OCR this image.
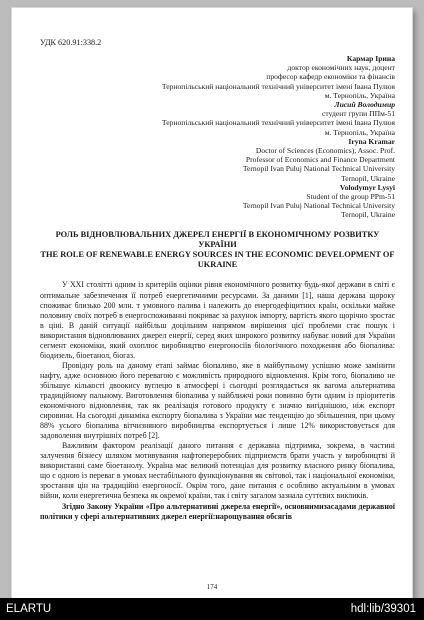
УДК 620.91:338.2
Кармар Ірина
доктор економічних наук, доцент
професор кафедр економіки та фінансів
Тернопільський національний технічний університет імені Івана Пулюя
м. Тернопіль, Україна
Лисий Володимир
студент групи ППм-51
Тернопільський національний технічний університет імені Івана Пулюя
м. Тернопіль, Україна
Iryna Kramar
Doctor of Sciences (Economics), Assoc. Prof.
Professor of Economics and Finance Department
Ternopil Ivan Puluj National Technical University
Ternopil, Ukraine
Volodymyr Lysyi
Student of the group PPm-51
Ternopil Ivan Puluj National Technical University
Ternopil, Ukraine
РОЛЬ ВІДНОВЛЮВАЛЬНИХ ДЖЕРЕЛ ЕНЕРГІЇ В ЕКОНОМІЧНОМУ РОЗВИТКУ УКРАЇНИ
THE ROLE OF RENEWABLE ENERGY SOURCES IN THE ECONOMIC DEVELOPMENT OF UKRAINE

У ХХІ столітті одним із критеріїв оцінки рівня економічного розвитку будь-якої держави в світі є оптимальне забезпечення її потреб енергетичними ресурсами. За даними [1], наша держава щороку споживає близько 200 млн. т умовного палива і належить до енергодефіцитних країн, оскільки майже половину своїх потреб в енергоспоживанні покриває за рахунок імпорту, вартість якого щорічно зростає в ціні. В даній ситуації найбільш доцільним напрямом вирішення цієї проблеми стає пошук і використання відновлюваних джерел енергії, серед яких широкого розвитку набуває новий для України сегмент економіки, який охоплює виробництво енергоносіїв біологічного походження або біопалива: біодизель, біоетанол, біогаз.

Провідну роль на даному етапі займає біопаливо, яке в майбутньому успішно може замінити нафту, адже основною його перевагою є можливість природного відновлення. Крім того, біопаливо не збільшує кількості двоокису вуглецю в атмосфері і сьогодні розглядається як вагома альтернатива традиційному пальному. Виготовлення біопалива у найближчі роки повинно бути одним із пріоритетів економічного відновлення, так як реалізація готового продукту є значно вигіднішою, ніж експорт сировини. На сьогодні динаміка експорту біопалива з України має тенденцію до збільшення, при цьому 88% усього біопалива вітчизняного виробництва експортується і лише 12% використовується для задоволення внутрішніх потреб [2].

Важливим фактором реалізації даного питання є державна підтримка, зокрема, в частині залучення бізнесу шляхом мотивування нафтопереробних підприємств брати участь у виробництві й використанні саме біоетанолу. Україна має великий потенціал для розвитку власного ринку біопалива, що є одною із переваг в умовах нестабільного функціонування як світової, так і національної економіки, зростання цін на традиційні енергоносії. Окрім того, дане питання є особливо актуальним в умовах війни, коли енергетична безпека як окремої країни, так і світу загалом зазнала суттєвих викликів.

Згідно Закону України «Про альтернативні джерела енергії», основнимизасадами державної політики у сфері альтернативних джерел енергії:нарощування обсягів

174
ELARTU	hdl:lib/39301
